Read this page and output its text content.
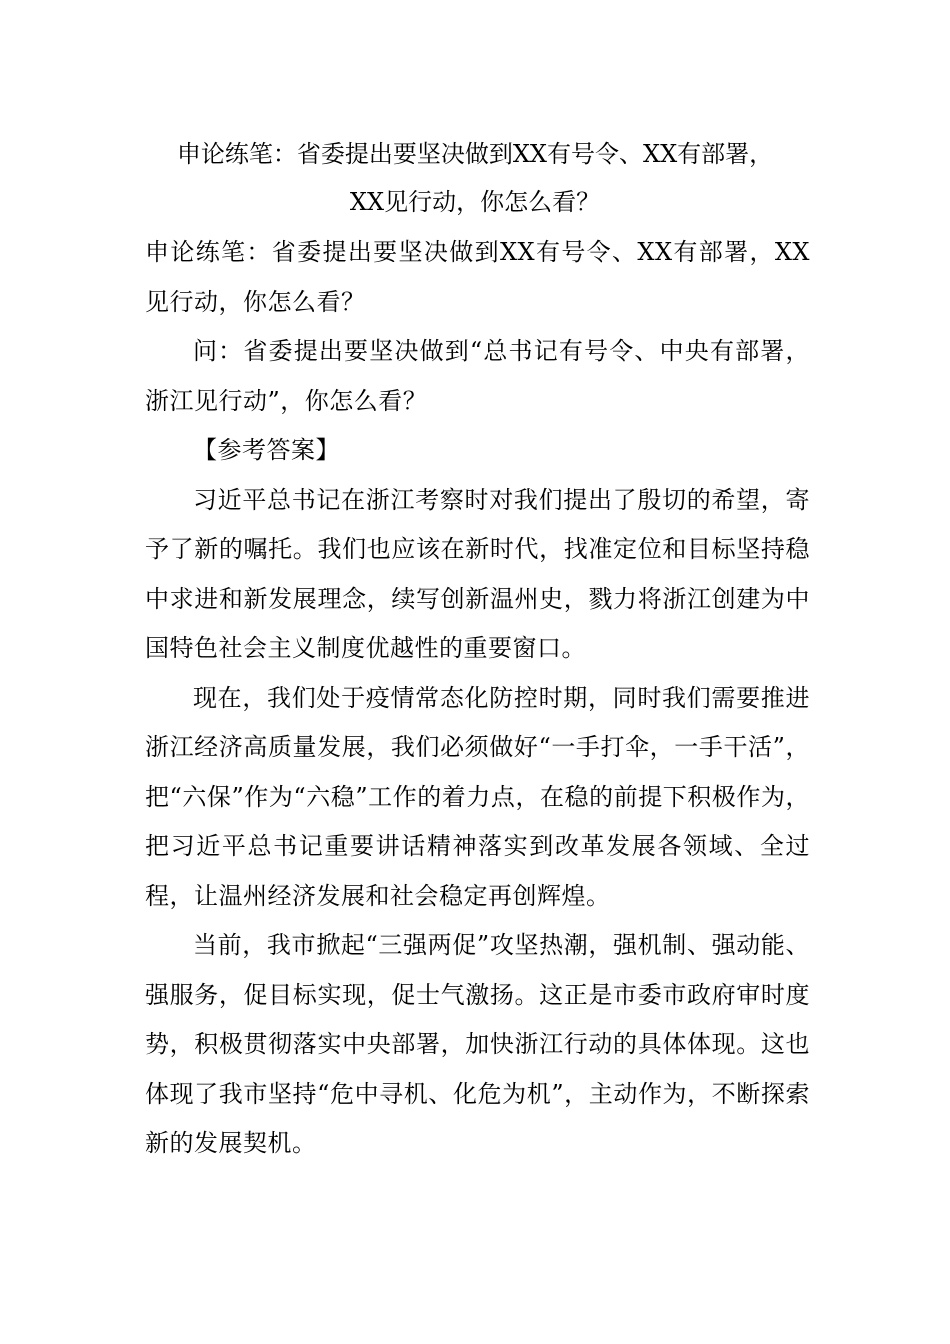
申论练笔：省委提出要坚决做到XX有号令、XX有部署，
XX见行动，你怎么看？

申论练笔：省委提出要坚决做到XX有号令、XX有部署，XX见行动，你怎么看？

问：省委提出要坚决做到“总书记有号令、中央有部署，浙江见行动”，你怎么看？

【参考答案】

习近平总书记在浙江考察时对我们提出了殷切的希望，寄予了新的嘱托。我们也应该在新时代，找准定位和目标坚持稳中求进和新发展理念，续写创新温州史，戮力将浙江创建为中国特色社会主义制度优越性的重要窗口。

现在，我们处于疫情常态化防控时期，同时我们需要推进浙江经济高质量发展，我们必须做好“一手打伞，一手干活”，把“六保”作为“六稳”工作的着力点，在稳的前提下积极作为，把习近平总书记重要讲话精神落实到改革发展各领域、全过程，让温州经济发展和社会稳定再创辉煌。

当前，我市掀起“三强两促”攻坚热潮，强机制、强动能、强服务，促目标实现，促士气激扬。这正是市委市政府审时度势，积极贯彻落实中央部署，加快浙江行动的具体体现。这也体现了我市坚持“危中寻机、化危为机”，主动作为，不断探索新的发展契机。
